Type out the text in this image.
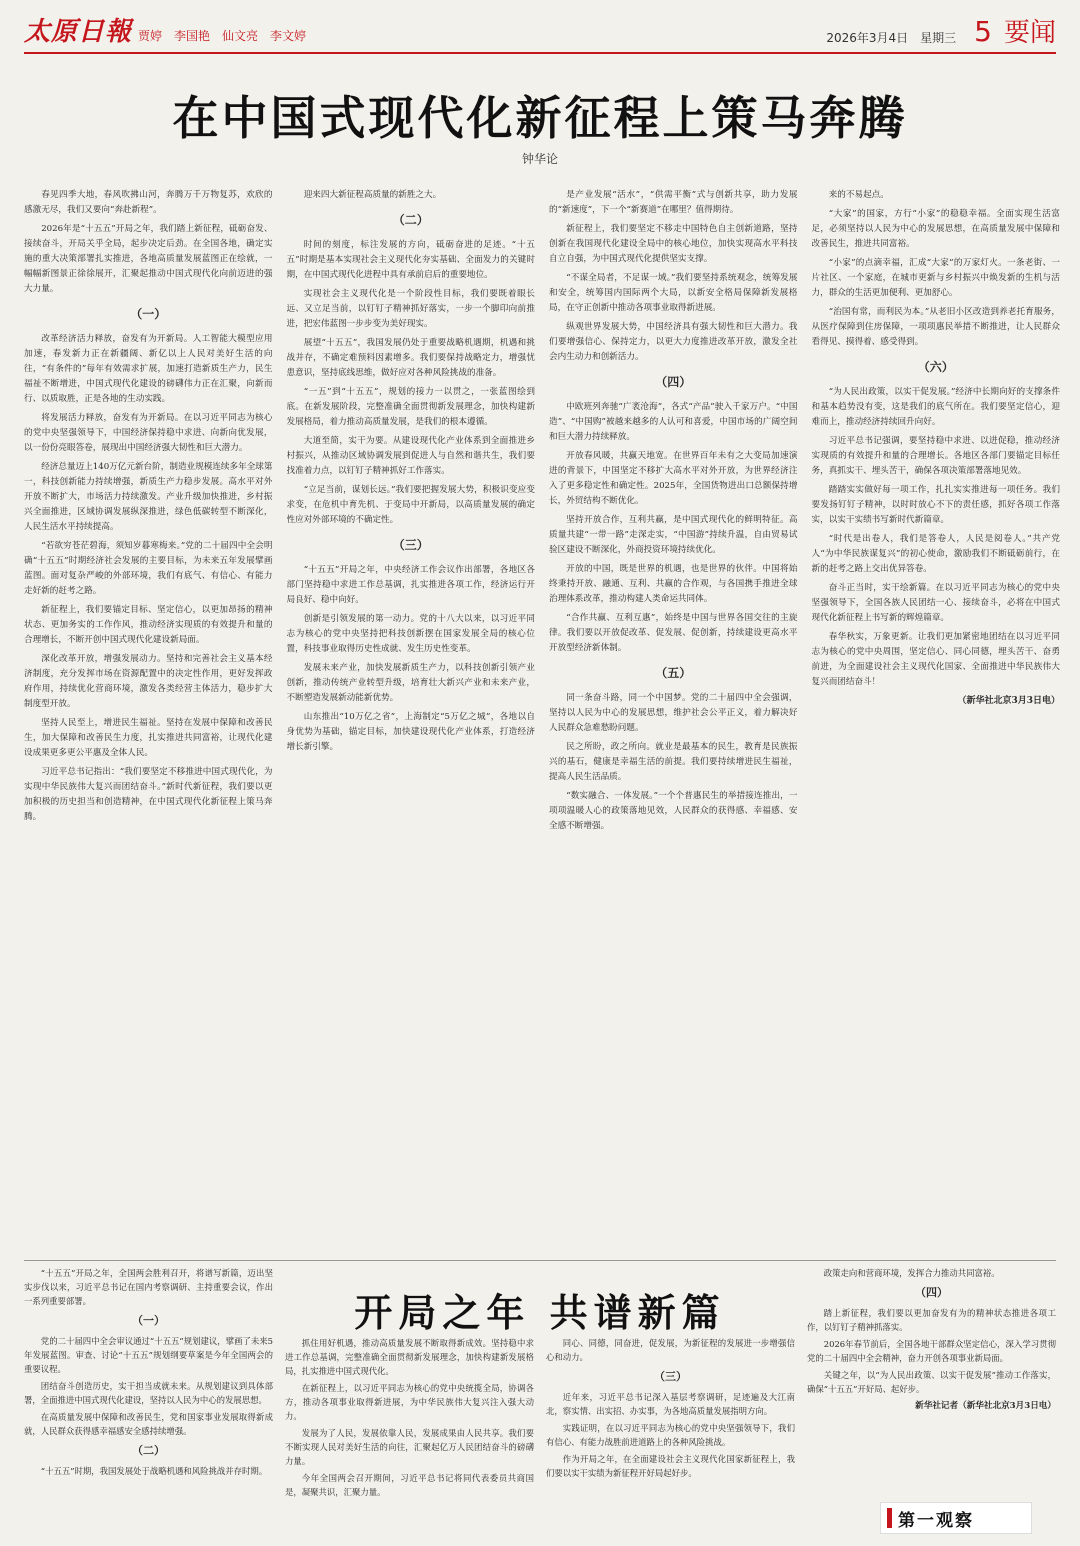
太原日報 贾婷 李国艳 仙文亮 李文婷	2026年3月4日 星期三 5 要闻
在中国式现代化新征程上策马奔腾
钟华论

春见四季大地，春风吹拂山河，奔腾万千万物复苏，欢欣的感激无尽，我们又要向“奔赴新程”。

2026年是“十五五”开局之年，我们踏上新征程，砥砺奋发、接续奋斗，开局关乎全局，起步决定后劲。在全国各地，确定实施的重大决策部署扎实推进，各地高质量发展蓝图正在绘就，一幅幅新图景正徐徐展开，汇聚起推动中国式现代化向前迈进的强大力量。

（一）

改革经济活力释放，奋发有为开新局。人工智能大模型应用加速，春发新力正在新疆阔、新亿以上人民对美好生活的向往，“有条件的”每年有效需求扩展，加速打造新质生产力，民生福祉不断增进，中国式现代化建设的磅礴伟力正在汇聚，向新而行、以质取胜，正是各地的生动实践。

将发展活力释放，奋发有为开新局。在以习近平同志为核心的党中央坚强领导下，中国经济保持稳中求进、向新向优发展，以一份份亮眼答卷，展现出中国经济强大韧性和巨大潜力。

经济总量迈上140万亿元新台阶，制造业规模连续多年全球第一，科技创新能力持续增强，新质生产力稳步发展。高水平对外开放不断扩大，市场活力持续激发。产业升级加快推进，乡村振兴全面推进，区域协调发展纵深推进，绿色低碳转型不断深化，人民生活水平持续提高。

“若欲穷苍茫碧海，须知岁暮寒梅来。”党的二十届四中全会明确“十五五”时期经济社会发展的主要目标，为未来五年发展擘画蓝图。面对复杂严峻的外部环境，我们有底气、有信心、有能力走好新的赶考之路。

新征程上，我们要锚定目标、坚定信心，以更加昂扬的精神状态、更加务实的工作作风，推动经济实现质的有效提升和量的合理增长，不断开创中国式现代化建设新局面。

深化改革开放，增强发展动力。坚持和完善社会主义基本经济制度，充分发挥市场在资源配置中的决定性作用，更好发挥政府作用，持续优化营商环境，激发各类经营主体活力，稳步扩大制度型开放。

坚持人民至上，增进民生福祉。坚持在发展中保障和改善民生，加大保障和改善民生力度，扎实推进共同富裕，让现代化建设成果更多更公平惠及全体人民。

习近平总书记指出：“我们要坚定不移推进中国式现代化，为实现中华民族伟大复兴而团结奋斗。”新时代新征程，我们要以更加积极的历史担当和创造精神，在中国式现代化新征程上策马奔腾。

迎来四大新征程高质量的新胜之大。

（二）

时间的刻度，标注发展的方向，砥砺奋进的足迹。“十五五”时期是基本实现社会主义现代化夯实基础、全面发力的关键时期，在中国式现代化进程中具有承前启后的重要地位。

实现社会主义现代化是一个阶段性目标，我们要既着眼长远、又立足当前，以钉钉子精神抓好落实，一步一个脚印向前推进，把宏伟蓝图一步步变为美好现实。

展望“十五五”，我国发展仍处于重要战略机遇期，机遇和挑战并存，不确定难预料因素增多。我们要保持战略定力，增强忧患意识，坚持底线思维，做好应对各种风险挑战的准备。

“一五”到“十五五”，规划的接力一以贯之，一张蓝图绘到底。在新发展阶段，完整准确全面贯彻新发展理念，加快构建新发展格局，着力推动高质量发展，是我们的根本遵循。

大道至简，实干为要。从建设现代化产业体系到全面推进乡村振兴，从推动区域协调发展到促进人与自然和谐共生，我们要找准着力点，以钉钉子精神抓好工作落实。

“立足当前，谋划长远。”我们要把握发展大势，积极识变应变求变，在危机中育先机、于变局中开新局，以高质量发展的确定性应对外部环境的不确定性。

（三）

“十五五”开局之年，中央经济工作会议作出部署，各地区各部门坚持稳中求进工作总基调，扎实推进各项工作，经济运行开局良好、稳中向好。

创新是引领发展的第一动力。党的十八大以来，以习近平同志为核心的党中央坚持把科技创新摆在国家发展全局的核心位置，科技事业取得历史性成就、发生历史性变革。

发展未来产业，加快发展新质生产力，以科技创新引领产业创新，推动传统产业转型升级，培育壮大新兴产业和未来产业，不断塑造发展新动能新优势。

山东推出“10万亿之省”，上海制定“5万亿之城”，各地以自身优势为基础，锚定目标，加快建设现代化产业体系，打造经济增长新引擎。

是产业发展“活水”，“供需平衡”式与创新共享，助力发展的“新速度”，下一个“新赛道”在哪里？值得期待。

新征程上，我们要坚定不移走中国特色自主创新道路，坚持创新在我国现代化建设全局中的核心地位，加快实现高水平科技自立自强，为中国式现代化提供坚实支撑。

“不谋全局者，不足谋一域。”我们要坚持系统观念，统筹发展和安全，统筹国内国际两个大局，以新安全格局保障新发展格局，在守正创新中推动各项事业取得新进展。

纵观世界发展大势，中国经济具有强大韧性和巨大潜力。我们要增强信心、保持定力，以更大力度推进改革开放，激发全社会内生动力和创新活力。

（四）

中欧班列奔驰“广袤沧海”，各式“产品”驶入千家万户。“中国造”、“中国购”被越来越多的人认可和喜爱，中国市场的广阔空间和巨大潜力持续释放。

开放春风暖，共赢天地宽。在世界百年未有之大变局加速演进的背景下，中国坚定不移扩大高水平对外开放，为世界经济注入了更多稳定性和确定性。2025年，全国货物进出口总额保持增长，外贸结构不断优化。

坚持开放合作，互利共赢，是中国式现代化的鲜明特征。高质量共建“一带一路”走深走实，“中国游”持续升温，自由贸易试验区建设不断深化，外商投资环境持续优化。

开放的中国，既是世界的机遇，也是世界的伙伴。中国将始终秉持开放、融通、互利、共赢的合作观，与各国携手推进全球治理体系改革，推动构建人类命运共同体。

“合作共赢、互利互惠”，始终是中国与世界各国交往的主旋律。我们要以开放促改革、促发展、促创新，持续建设更高水平开放型经济新体制。

（五）

同一条奋斗路，同一个中国梦。党的二十届四中全会强调，坚持以人民为中心的发展思想，维护社会公平正义，着力解决好人民群众急难愁盼问题。

民之所盼，政之所向。就业是最基本的民生，教育是民族振兴的基石，健康是幸福生活的前提。我们要持续增进民生福祉，提高人民生活品质。

“数实融合、一体发展。”一个个普惠民生的举措接连推出，一项项温暖人心的政策落地见效，人民群众的获得感、幸福感、安全感不断增强。

来的不易起点。

“大家”的国家，方行“小家”的稳稳幸福。全面实现生活富足，必须坚持以人民为中心的发展思想，在高质量发展中保障和改善民生，推进共同富裕。

“小家”的点滴幸福，汇成“大家”的万家灯火。一条老街、一片社区、一个家庭，在城市更新与乡村振兴中焕发新的生机与活力，群众的生活更加便利、更加舒心。

“治国有常，而利民为本。”从老旧小区改造到养老托育服务，从医疗保障到住房保障，一项项惠民举措不断推进，让人民群众看得见、摸得着、感受得到。

（六）

“为人民出政策，以实干促发展。”经济中长期向好的支撑条件和基本趋势没有变，这是我们的底气所在。我们要坚定信心，迎难而上，推动经济持续回升向好。

习近平总书记强调，要坚持稳中求进、以进促稳，推动经济实现质的有效提升和量的合理增长。各地区各部门要锚定目标任务，真抓实干、埋头苦干，确保各项决策部署落地见效。

踏踏实实做好每一项工作，扎扎实实推进每一项任务。我们要发扬钉钉子精神，以时时放心不下的责任感，抓好各项工作落实，以实干实绩书写新时代新篇章。

“时代是出卷人，我们是答卷人，人民是阅卷人。”共产党人“为中华民族谋复兴”的初心使命，激励我们不断砥砺前行，在新的赶考之路上交出优异答卷。

奋斗正当时，实干绘新篇。在以习近平同志为核心的党中央坚强领导下，全国各族人民团结一心、接续奋斗，必将在中国式现代化新征程上书写新的辉煌篇章。

春华秋实，万象更新。让我们更加紧密地团结在以习近平同志为核心的党中央周围，坚定信心、同心同德，埋头苦干、奋勇前进，为全面建设社会主义现代化国家、全面推进中华民族伟大复兴而团结奋斗！

（新华社北京3月3日电）

“十五五”开局之年，全国两会胜利召开，将谱写新篇，迈出坚实步伐以来，习近平总书记在国内考察调研、主持重要会议，作出一系列重要部署。

（一）

党的二十届四中全会审议通过“十五五”规划建议，擘画了未来5年发展蓝图。审查、讨论“十五五”规划纲要草案是今年全国两会的重要议程。

团结奋斗创造历史，实干担当成就未来。从规划建议到具体部署，全面推进中国式现代化建设，坚持以人民为中心的发展思想。

在高质量发展中保障和改善民生，党和国家事业发展取得新成就，人民群众获得感幸福感安全感持续增强。

（二）

“十五五”时期，我国发展处于战略机遇和风险挑战并存时期。

抓住用好机遇，推动高质量发展不断取得新成效。坚持稳中求进工作总基调，完整准确全面贯彻新发展理念，加快构建新发展格局，扎实推进中国式现代化。

在新征程上，以习近平同志为核心的党中央统揽全局，协调各方，推动各项事业取得新进展，为中华民族伟大复兴注入强大动力。

发展为了人民，发展依靠人民，发展成果由人民共享。我们要不断实现人民对美好生活的向往，汇聚起亿万人民团结奋斗的磅礴力量。

今年全国两会召开期间，习近平总书记将同代表委员共商国是，凝聚共识，汇聚力量。

同心、同德，同奋进，促发展，为新征程的发展进一步增强信心和动力。

（三）

近年来，习近平总书记深入基层考察调研，足迹遍及大江南北，察实情、出实招、办实事，为各地高质量发展指明方向。

实践证明，在以习近平同志为核心的党中央坚强领导下，我们有信心、有能力战胜前进道路上的各种风险挑战。

作为开局之年，在全面建设社会主义现代化国家新征程上，我们要以实干实绩为新征程开好局起好步。

政策走向和营商环境，发挥合力推动共同富裕。

（四）

踏上新征程，我们要以更加奋发有为的精神状态推进各项工作，以钉钉子精神抓落实。

2026年春节前后，全国各地干部群众坚定信心，深入学习贯彻党的二十届四中全会精神，奋力开创各项事业新局面。

关键之年，以“为人民出政策、以实干促发展”推动工作落实，确保“十五五”开好局、起好步。

新华社记者（新华社北京3月3日电）

开局之年 共谱新篇
第一观察
